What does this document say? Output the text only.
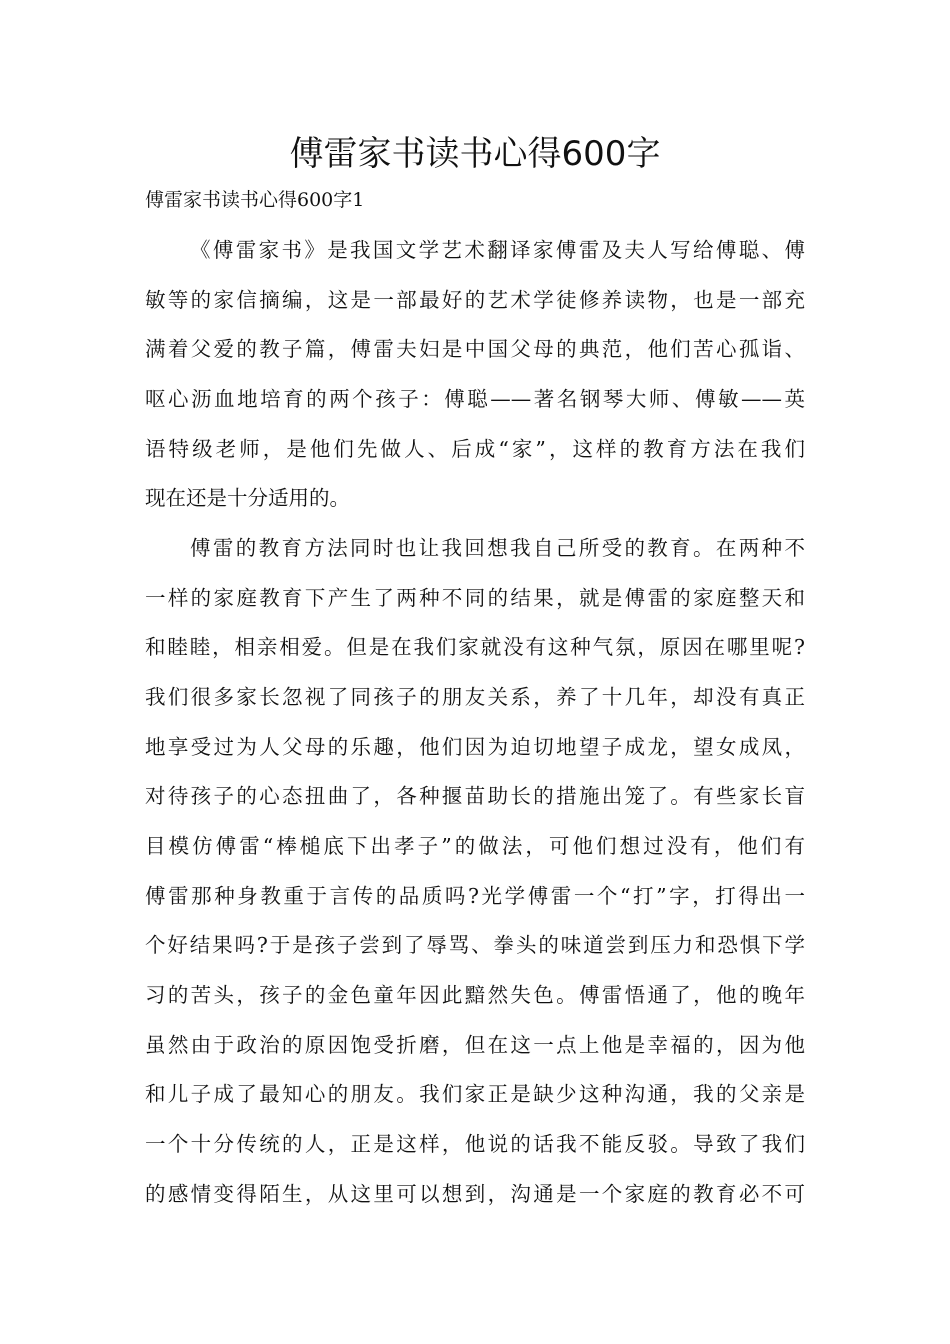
傅雷家书读书心得600字
傅雷家书读书心得600字1
《傅雷家书》是我国文学艺术翻译家傅雷及夫人写给傅聪、傅
敏等的家信摘编，这是一部最好的艺术学徒修养读物，也是一部充
满着父爱的教子篇，傅雷夫妇是中国父母的典范，他们苦心孤诣、
呕心沥血地培育的两个孩子：傅聪——著名钢琴大师、傅敏——英
语特级老师，是他们先做人、后成“家”，这样的教育方法在我们
现在还是十分适用的。
傅雷的教育方法同时也让我回想我自己所受的教育。在两种不
一样的家庭教育下产生了两种不同的结果，就是傅雷的家庭整天和
和睦睦，相亲相爱。但是在我们家就没有这种气氛，原因在哪里呢?
我们很多家长忽视了同孩子的朋友关系，养了十几年，却没有真正
地享受过为人父母的乐趣，他们因为迫切地望子成龙，望女成凤，
对待孩子的心态扭曲了，各种揠苗助长的措施出笼了。有些家长盲
目模仿傅雷“棒槌底下出孝子”的做法，可他们想过没有，他们有
傅雷那种身教重于言传的品质吗?光学傅雷一个“打”字，打得出一
个好结果吗?于是孩子尝到了辱骂、拳头的味道尝到压力和恐惧下学
习的苦头，孩子的金色童年因此黯然失色。傅雷悟通了，他的晚年
虽然由于政治的原因饱受折磨，但在这一点上他是幸福的，因为他
和儿子成了最知心的朋友。我们家正是缺少这种沟通，我的父亲是
一个十分传统的人，正是这样，他说的话我不能反驳。导致了我们
的感情变得陌生，从这里可以想到，沟通是一个家庭的教育必不可
